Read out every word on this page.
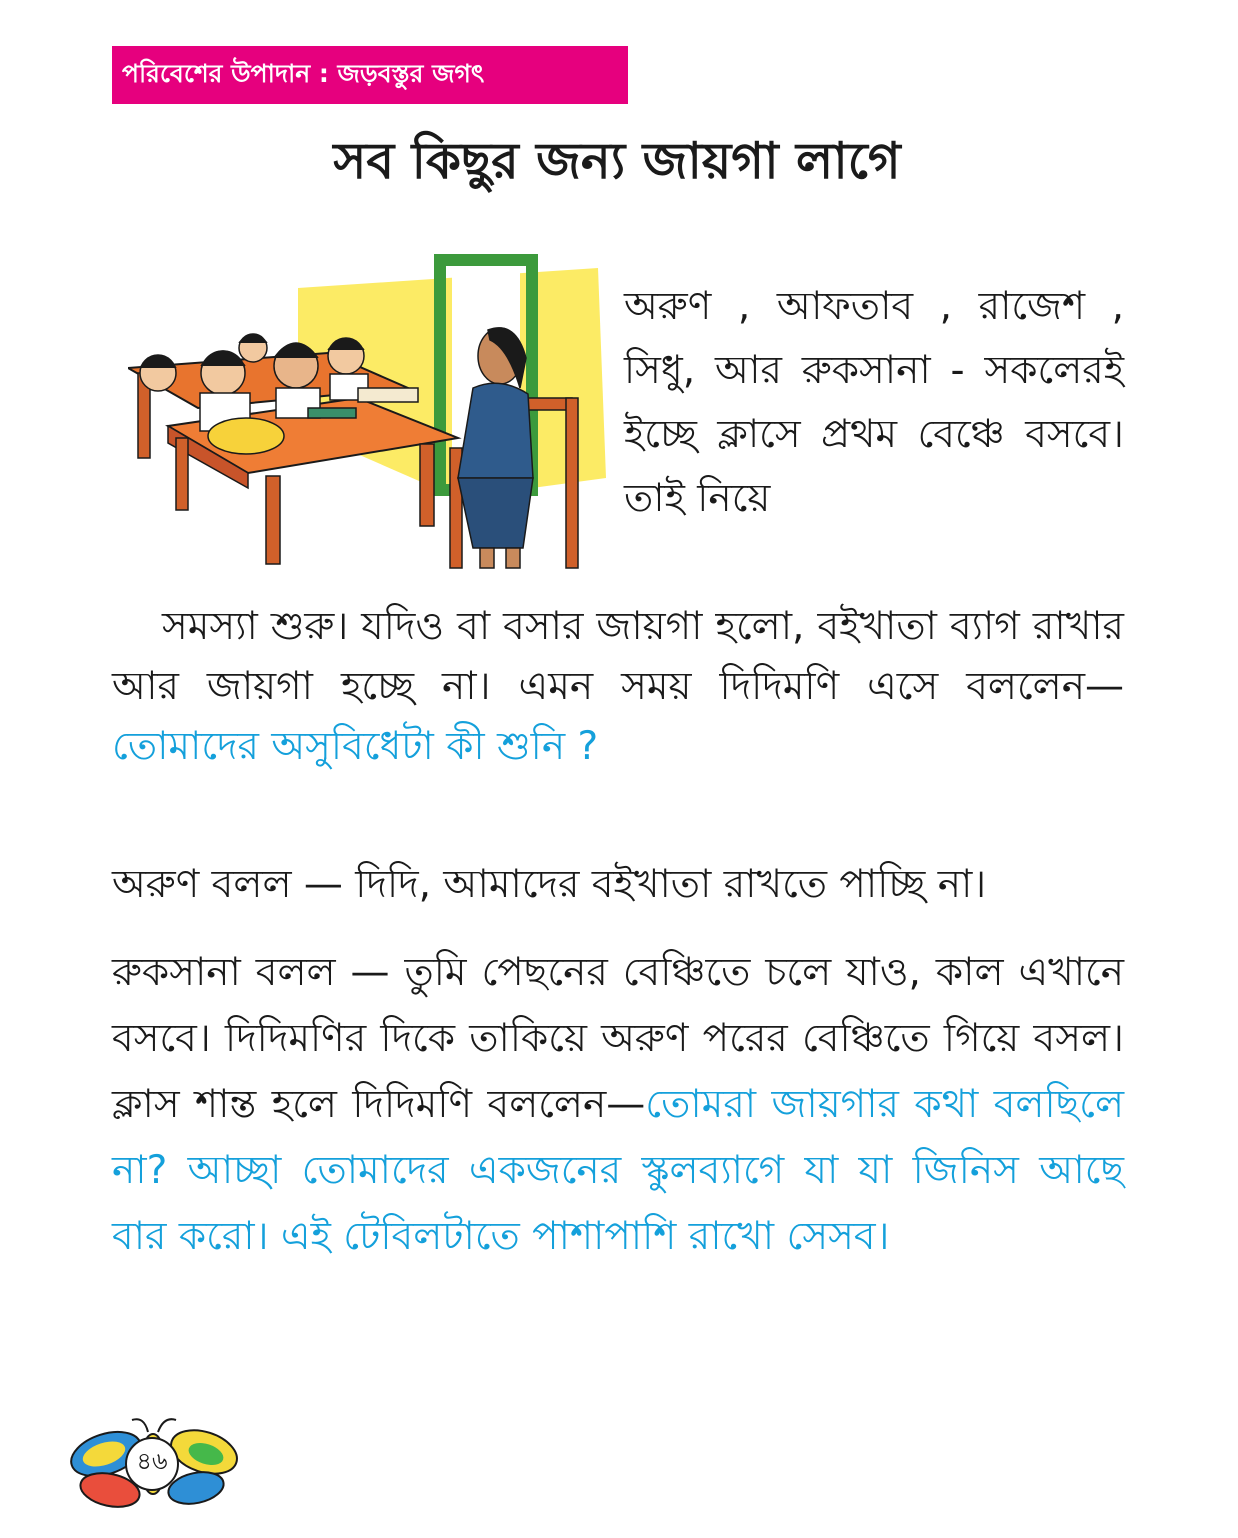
পরিবেশের উপাদান : জড়বস্তুর জগৎ
সব কিছুর জন্য জায়গা লাগে

অরুণ , আফতাব , রাজেশ , সিধু, আর রুকসানা - সকলেরই ইচ্ছে ক্লাসে প্রথম বেঞ্চে বসবে। তাই নিয়ে

সমস্যা শুরু। যদিও বা বসার জায়গা হলো, বইখাতা ব্যাগ রাখার আর জায়গা হচ্ছে না। এমন সময় দিদিমণি এসে বললেন—তোমাদের অসুবিধেটা কী শুনি ?

অরুণ বলল — দিদি, আমাদের বইখাতা রাখতে পাচ্ছি না।

রুকসানা বলল — তুমি পেছনের বেঞ্চিতে চলে যাও, কাল এখানে বসবে। দিদিমণির দিকে তাকিয়ে অরুণ পরের বেঞ্চিতে গিয়ে বসল। ক্লাস শান্ত হলে দিদিমণি বললেন—তোমরা জায়গার কথা বলছিলে না? আচ্ছা তোমাদের একজনের স্কুলব্যাগে যা যা জিনিস আছে বার করো। এই টেবিলটাতে পাশাপাশি রাখো সেসব।

৪৬
